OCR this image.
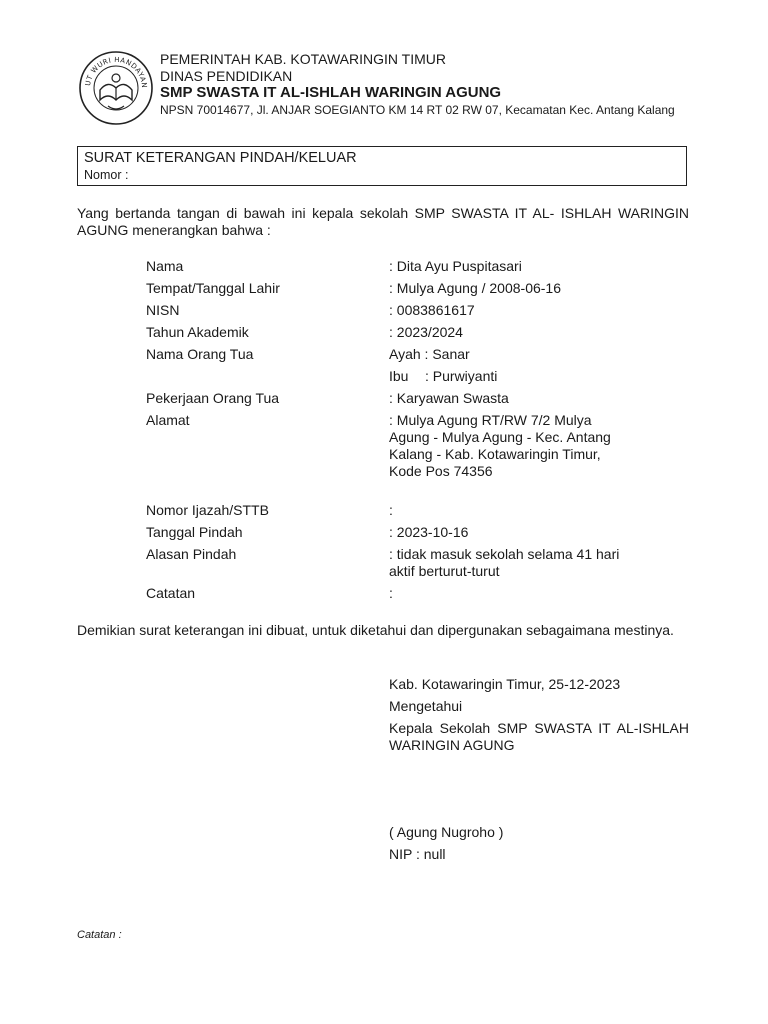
UT WURI HANDAYAN
PEMERINTAH KAB. KOTAWARINGIN TIMUR
DINAS PENDIDIKAN
SMP SWASTA IT AL-ISHLAH WARINGIN AGUNG
NPSN 70014677, Jl. ANJAR SOEGIANTO KM 14 RT 02 RW 07, Kecamatan Kec. Antang Kalang
SURAT KETERANGAN PINDAH/KELUAR
Nomor :
Yang bertanda tangan di bawah ini kepala sekolah SMP SWASTA IT AL- ISHLAH WARINGIN AGUNG menerangkan bahwa :
Nama	: Dita Ayu Puspitasari
Tempat/Tanggal Lahir	: Mulya Agung / 2008-06-16
NISN	: 0083861617
Tahun Akademik	: 2023/2024
Nama Orang Tua	Ayah : Sanar
Ibu	: Purwiyanti
Pekerjaan Orang Tua	: Karyawan Swasta
Alamat	: Mulya Agung RT/RW 7/2 Mulya Agung - Mulya Agung - Kec. Antang Kalang - Kab. Kotawaringin Timur, Kode Pos 74356
Nomor Ijazah/STTB	:
Tanggal Pindah	: 2023-10-16
Alasan Pindah	: tidak masuk sekolah selama 41 hari aktif berturut-turut
Catatan	:
Demikian surat keterangan ini dibuat, untuk diketahui dan dipergunakan sebagaimana mestinya.
Kab. Kotawaringin Timur, 25-12-2023
Mengetahui
Kepala Sekolah SMP SWASTA IT AL-ISHLAH WARINGIN AGUNG
( Agung Nugroho )
NIP : null
Catatan :
